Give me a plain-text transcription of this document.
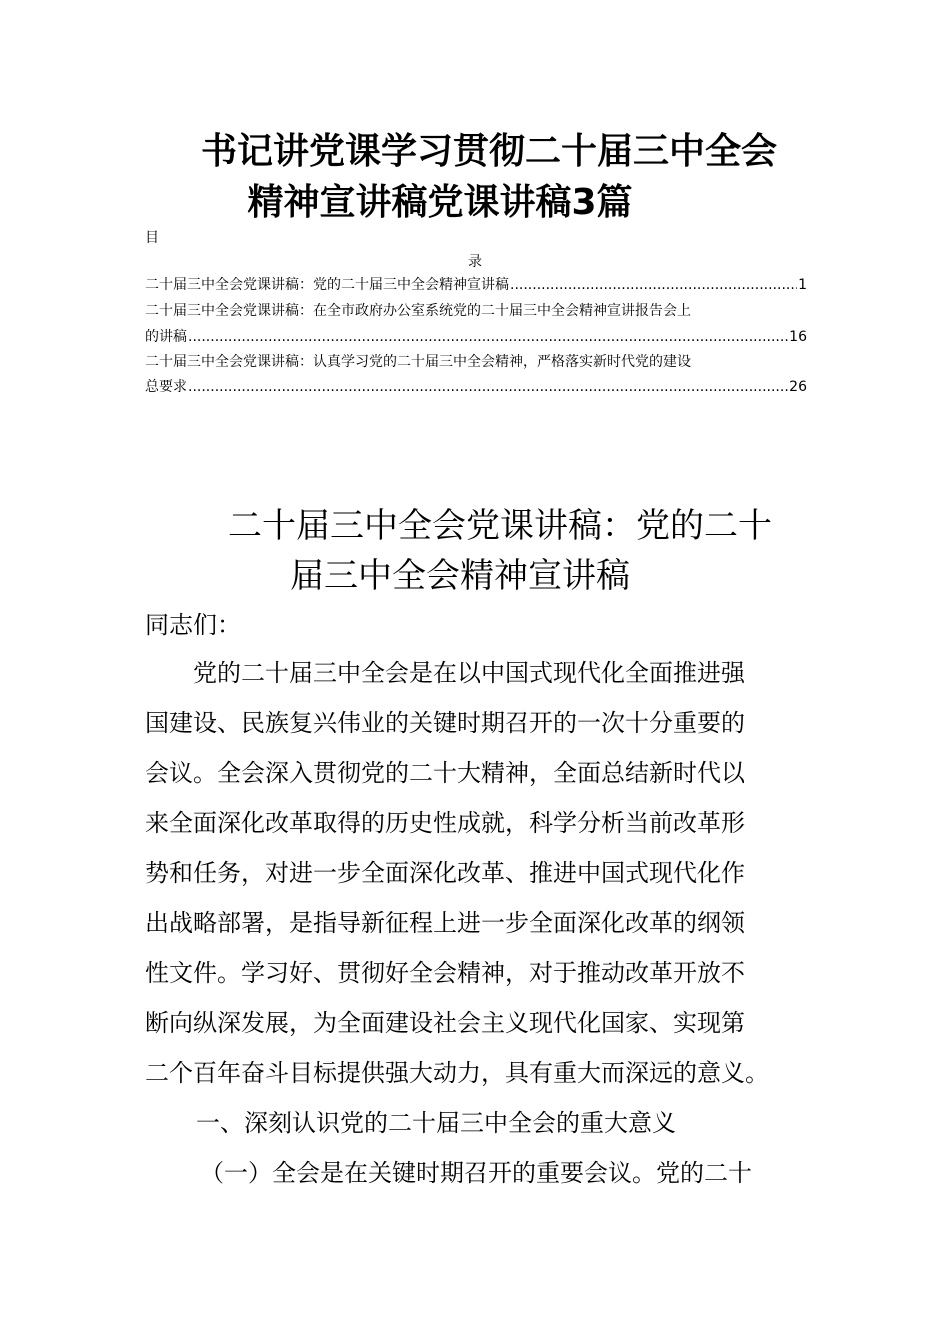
书记讲党课学习贯彻二十届三中全会
精神宣讲稿党课讲稿3篇
目
录
二十届三中全会党课讲稿：党的二十届三中全会精神宣讲稿 .....	1
二十届三中全会党课讲稿：在全市政府办公室系统党的二十届三中全会精神宣讲报告会上
的讲稿 .....	16
二十届三中全会党课讲稿：认真学习党的二十届三中全会精神，严格落实新时代党的建设
总要求 .....	26
二十届三中全会党课讲稿：党的二十
届三中全会精神宣讲稿
同志们：
　　党的二十届三中全会是在以中国式现代化全面推进强
国建设、民族复兴伟业的关键时期召开的一次十分重要的
会议。全会深入贯彻党的二十大精神，全面总结新时代以
来全面深化改革取得的历史性成就，科学分析当前改革形
势和任务，对进一步全面深化改革、推进中国式现代化作
出战略部署，是指导新征程上进一步全面深化改革的纲领
性文件。学习好、贯彻好全会精神，对于推动改革开放不
断向纵深发展，为全面建设社会主义现代化国家、实现第
二个百年奋斗目标提供强大动力，具有重大而深远的意义。
一、深刻认识党的二十届三中全会的重大意义
（一）全会是在关键时期召开的重要会议。党的二十
